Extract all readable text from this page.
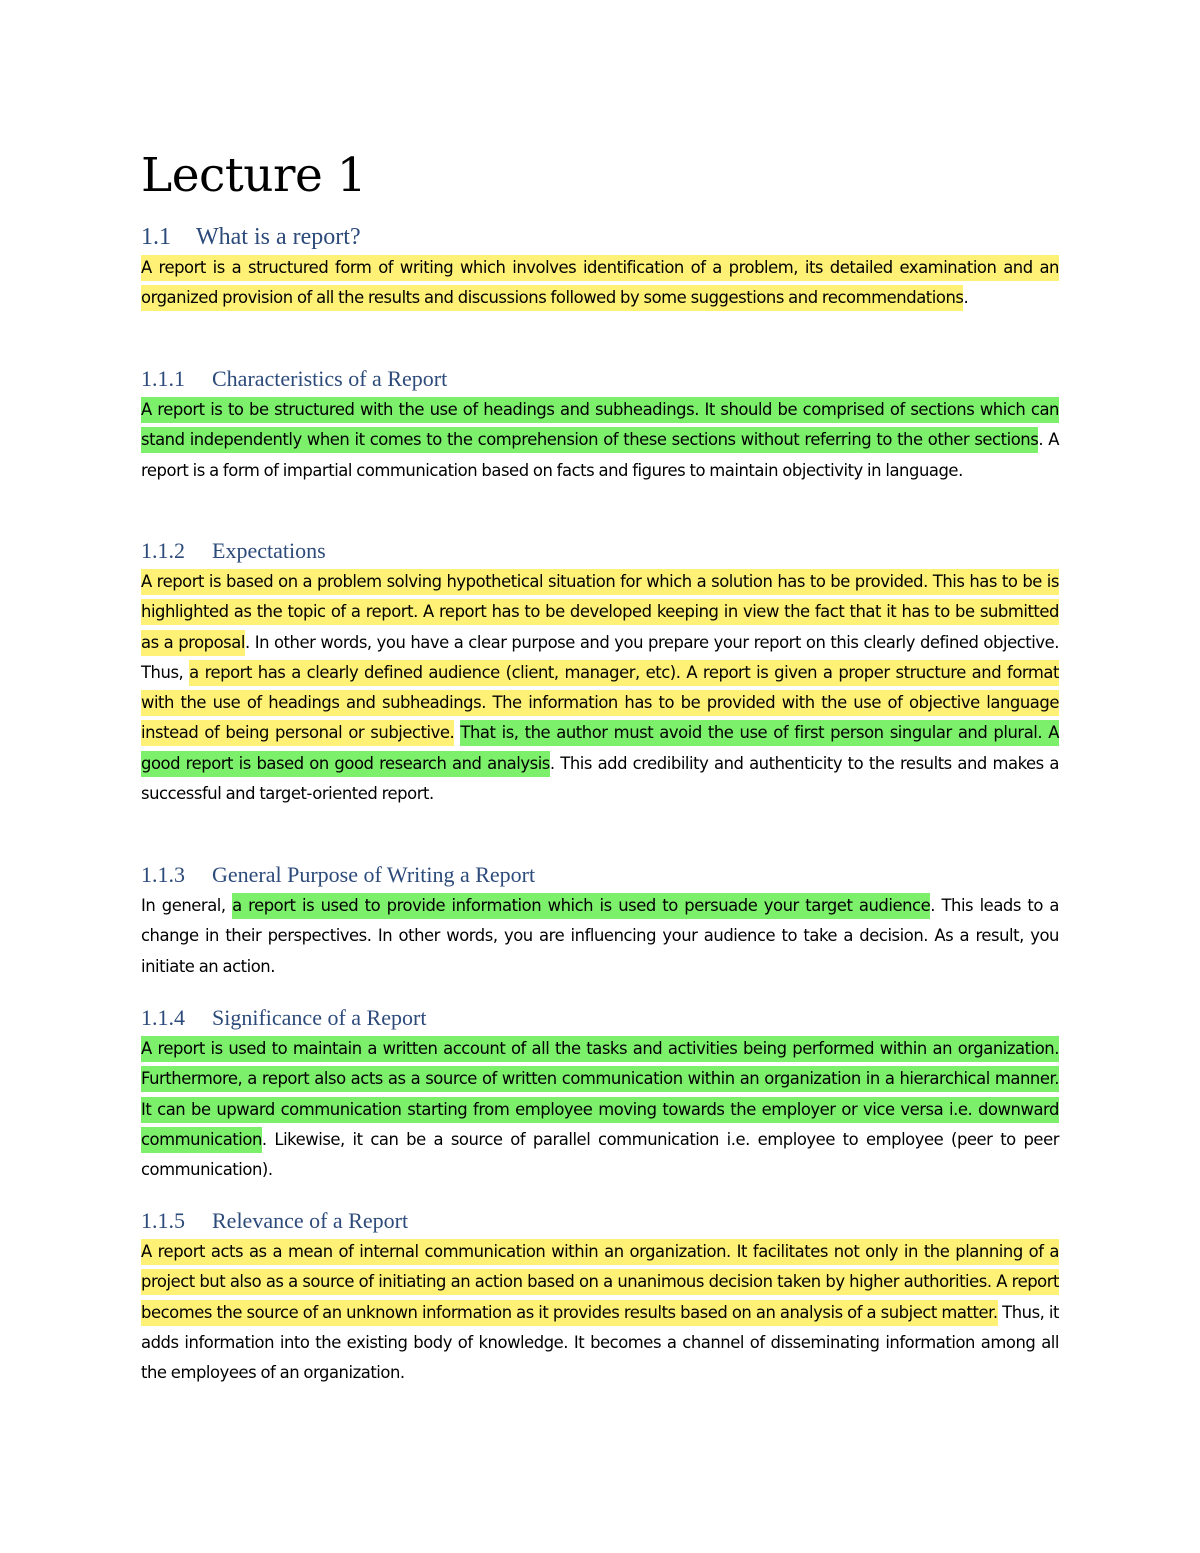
Lecture 1
1.1 What is a report?

A report is a structured form of writing which involves identification of a problem, its detailed examination and an organized provision of all the results and discussions followed by some suggestions and recommendations.

1.1.1 Characteristics of a Report

A report is to be structured with the use of headings and subheadings. It should be comprised of sections which can stand independently when it comes to the comprehension of these sections without referring to the other sections. A report is a form of impartial communication based on facts and figures to maintain objectivity in language.

1.1.2 Expectations

A report is based on a problem solving hypothetical situation for which a solution has to be provided. This has to be is highlighted as the topic of a report. A report has to be developed keeping in view the fact that it has to be submitted as a proposal. In other words, you have a clear purpose and you prepare your report on this clearly defined objective. Thus, a report has a clearly defined audience (client, manager, etc). A report is given a proper structure and format with the use of headings and subheadings. The information has to be provided with the use of objective language instead of being personal or subjective. That is, the author must avoid the use of first person singular and plural. A good report is based on good research and analysis. This add credibility and authenticity to the results and makes a successful and target-oriented report.

1.1.3 General Purpose of Writing a Report

In general, a report is used to provide information which is used to persuade your target audience. This leads to a change in their perspectives. In other words, you are influencing your audience to take a decision. As a result, you initiate an action.

1.1.4 Significance of a Report

A report is used to maintain a written account of all the tasks and activities being performed within an organization. Furthermore, a report also acts as a source of written communication within an organization in a hierarchical manner. It can be upward communication starting from employee moving towards the employer or vice versa i.e. downward communication. Likewise, it can be a source of parallel communication i.e. employee to employee (peer to peer communication).

1.1.5 Relevance of a Report

A report acts as a mean of internal communication within an organization. It facilitates not only in the planning of a project but also as a source of initiating an action based on a unanimous decision taken by higher authorities. A report becomes the source of an unknown information as it provides results based on an analysis of a subject matter. Thus, it adds information into the existing body of knowledge. It becomes a channel of disseminating information among all the employees of an organization.
